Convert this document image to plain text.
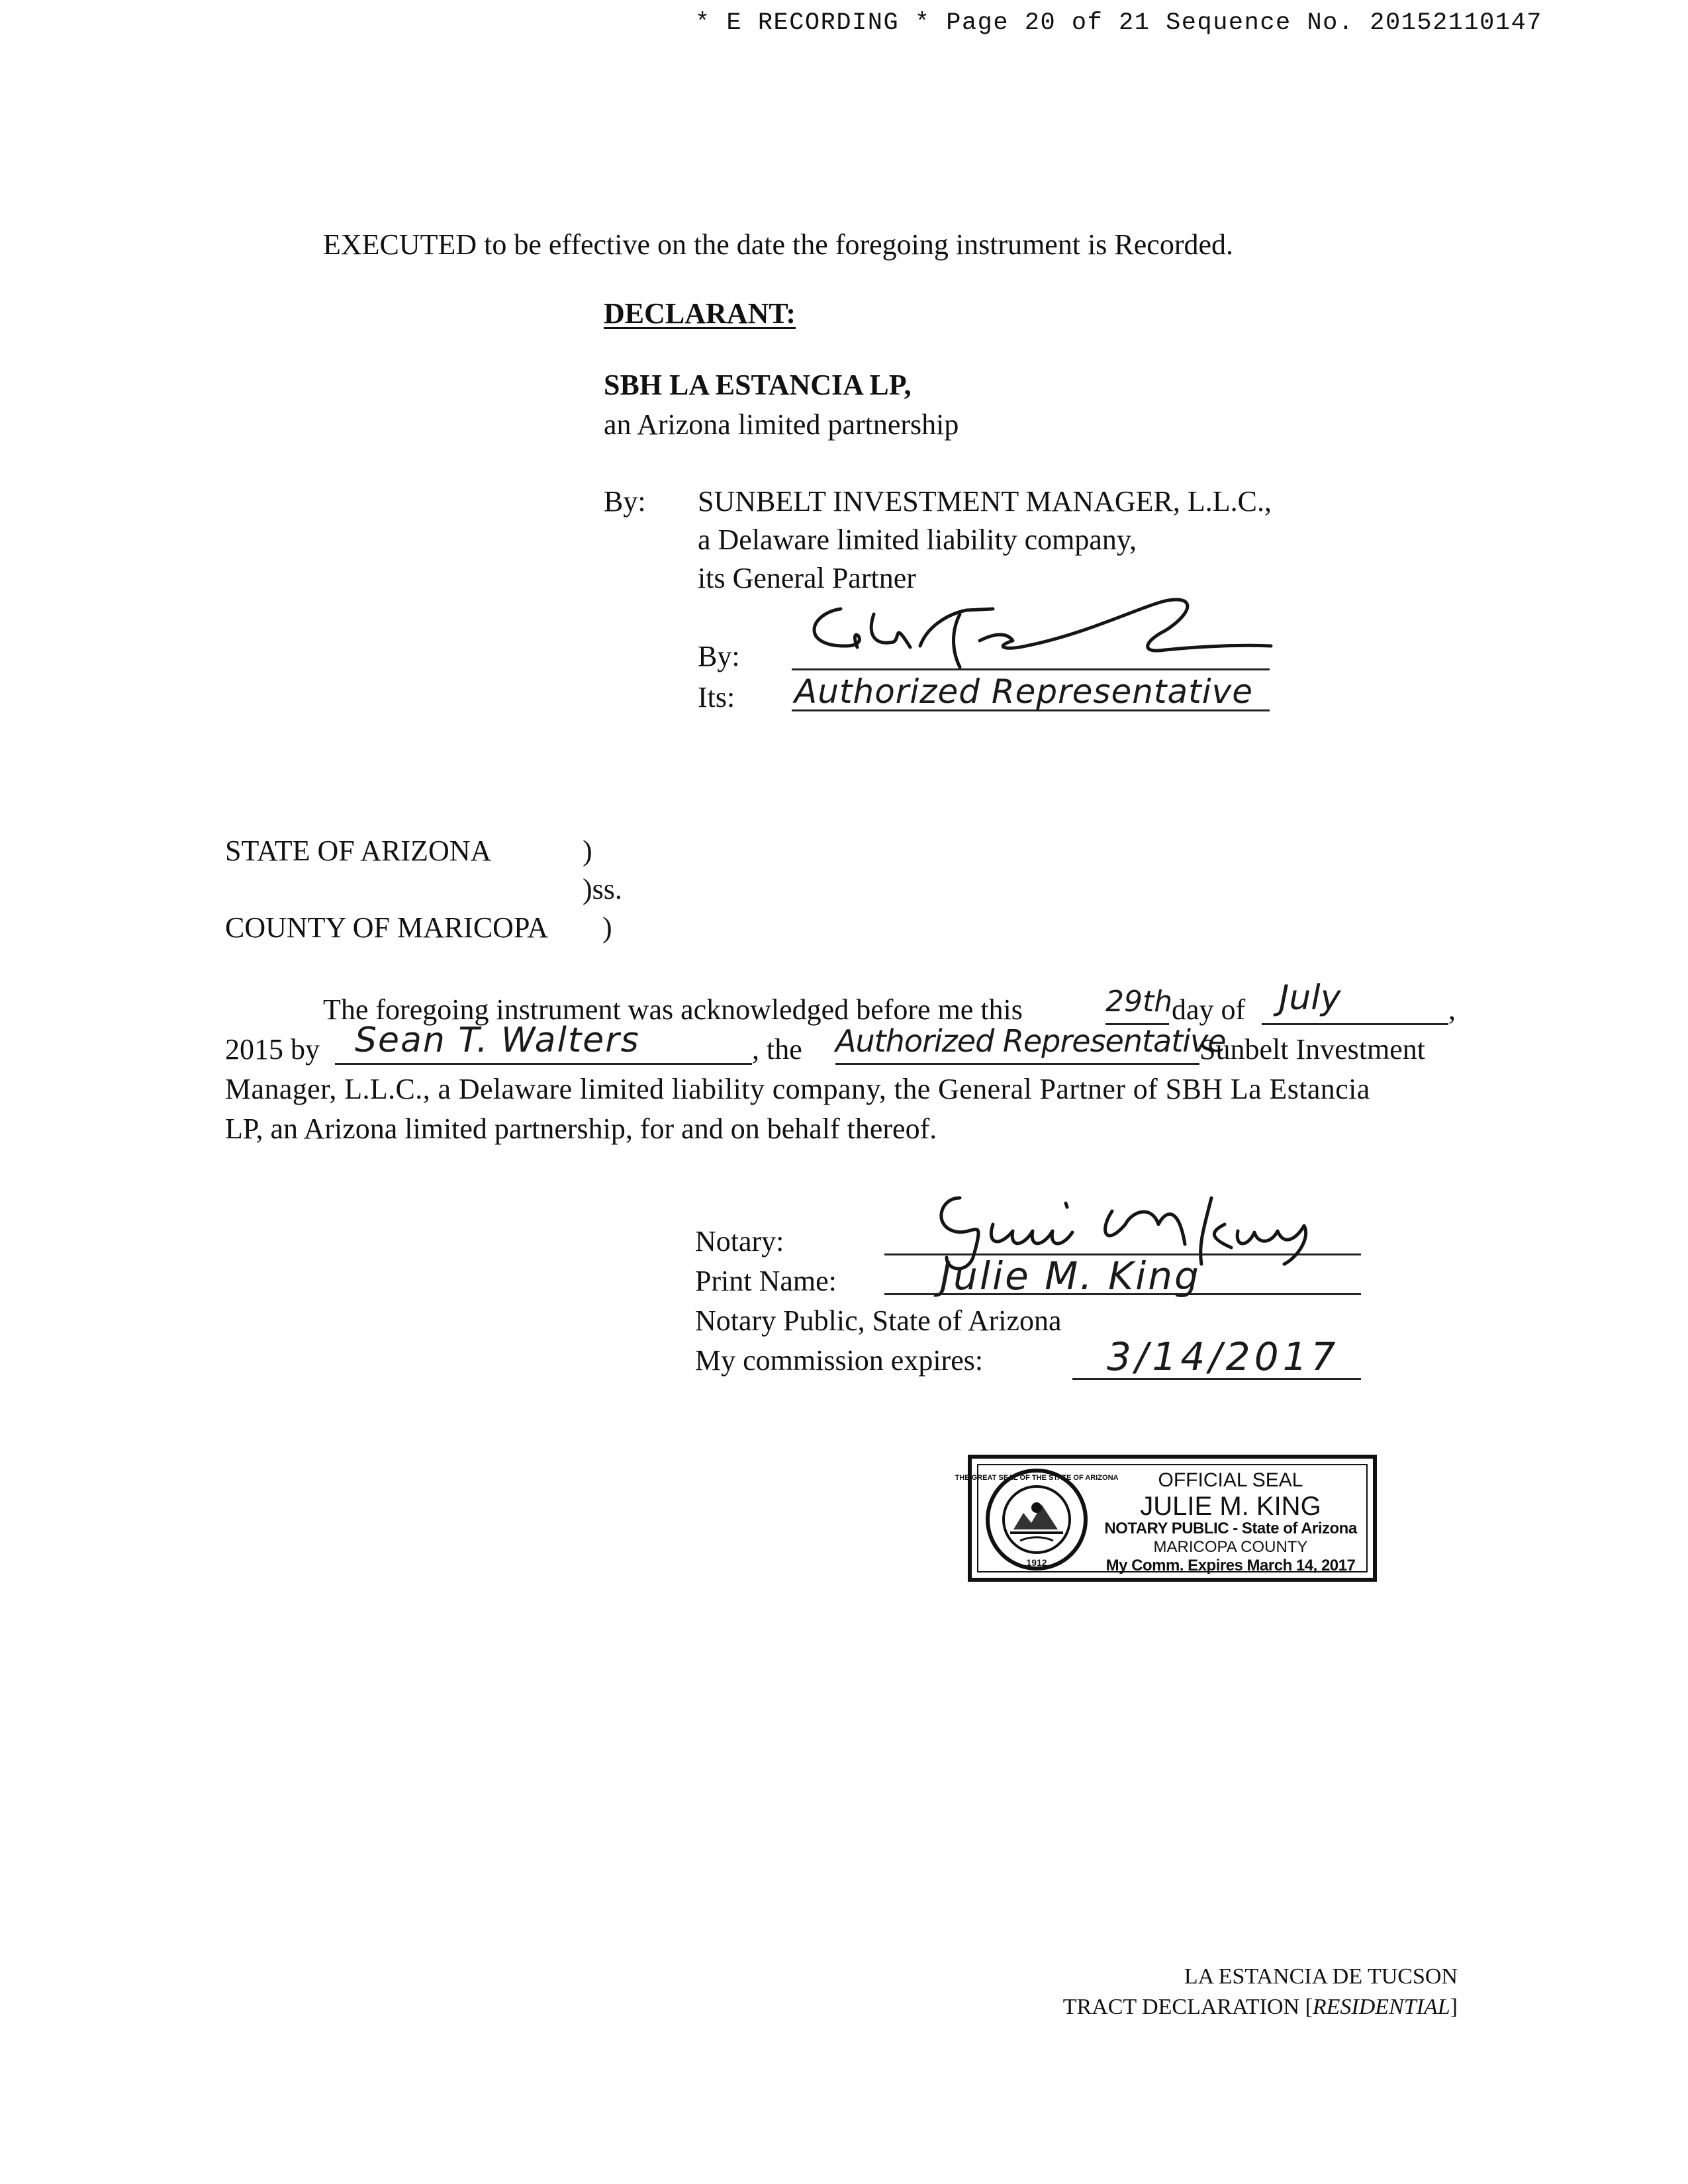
* E RECORDING * Page 20 of 21 Sequence No. 20152110147
EXECUTED to be effective on the date the foregoing instrument is Recorded.
DECLARANT:
SBH LA ESTANCIA LP,
an Arizona limited partnership
By: SUNBELT INVESTMENT MANAGER, L.L.C.,
a Delaware limited liability company,
its General Partner
By:
Its: Authorized Representative
STATE OF ARIZONA	)
)ss.
COUNTY OF MARICOPA )
The foregoing instrument was acknowledged before me this	29th
day of July	,
2015 by Sean T. Walters	, the Authorized Representative
Sunbelt Investment
Manager, L.L.C., a Delaware limited liability company, the General Partner of SBH La Estancia
LP, an Arizona limited partnership, for and on behalf thereof.
Notary:
Print Name:	Julie M. King
Notary Public, State of Arizona
My commission expires:	3/14/2017
THE GREAT SEAL OF THE STATE OF ARIZONA
1912
OFFICIAL SEAL
JULIE M. KING
NOTARY PUBLIC - State of Arizona
MARICOPA COUNTY
My Comm. Expires March 14, 2017
LA ESTANCIA DE TUCSON
TRACT DECLARATION [RESIDENTIAL]
